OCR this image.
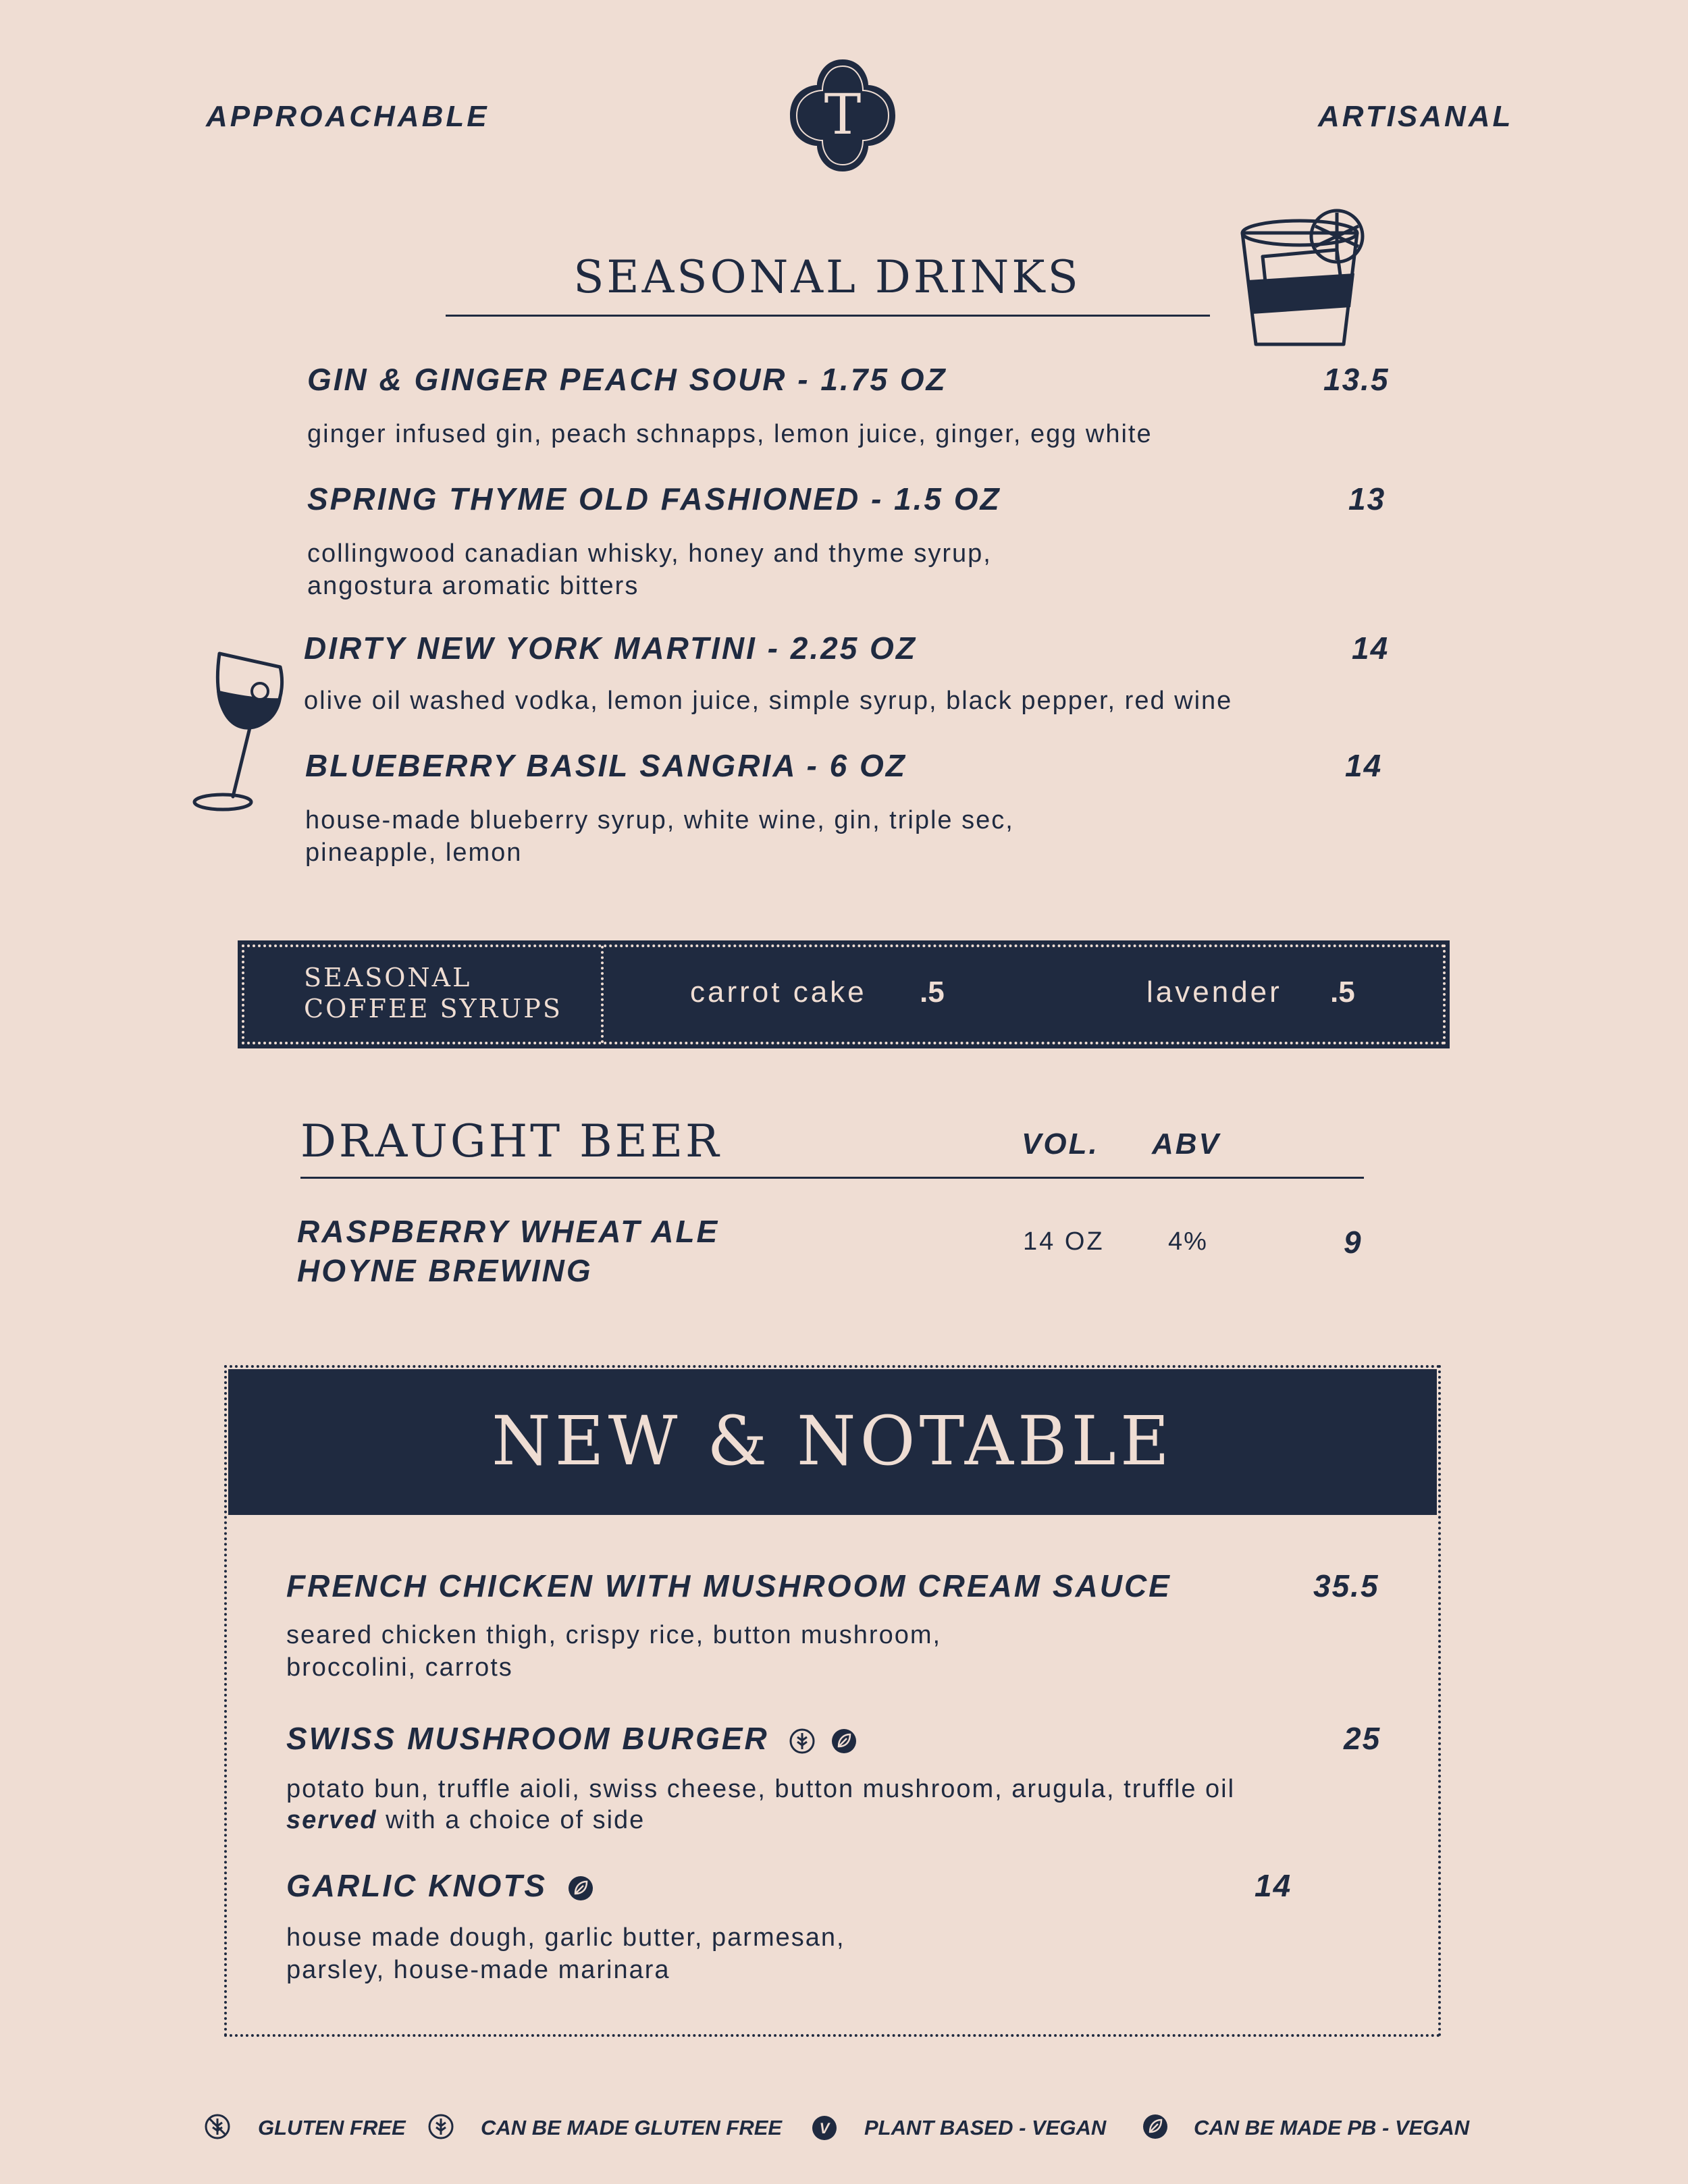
APPROACHABLE	ARTISANAL
T
SEASONAL DRINKS
GIN & GINGER PEACH SOUR - 1.75 OZ	13.5
ginger infused gin, peach schnapps, lemon juice, ginger, egg white
SPRING THYME OLD FASHIONED - 1.5 OZ	13
collingwood canadian whisky, honey and thyme syrup,
angostura aromatic bitters
DIRTY NEW YORK MARTINI - 2.25 OZ	14
olive oil washed vodka, lemon juice, simple syrup, black pepper, red wine
BLUEBERRY BASIL SANGRIA - 6 OZ	14
house-made blueberry syrup, white wine, gin, triple sec,
pineapple, lemon
SEASONAL
COFFEE SYRUPS	carrot cake .5	lavender .5
DRAUGHT BEER	VOL. ABV
RASPBERRY WHEAT ALE
HOYNE BREWING
14 OZ 4%	9
NEW & NOTABLE
FRENCH CHICKEN WITH MUSHROOM CREAM SAUCE	35.5
seared chicken thigh, crispy rice, button mushroom,
broccolini, carrots
SWISS MUSHROOM BURGER	25
potato bun, truffle aioli, swiss cheese, button mushroom, arugula, truffle oil
served with a choice of side
GARLIC KNOTS	14
house made dough, garlic butter, parmesan,
parsley, house-made marinara
GLUTEN FREE	CAN BE MADE GLUTEN FREE	V PLANT BASED - VEGAN	CAN BE MADE PB - VEGAN
